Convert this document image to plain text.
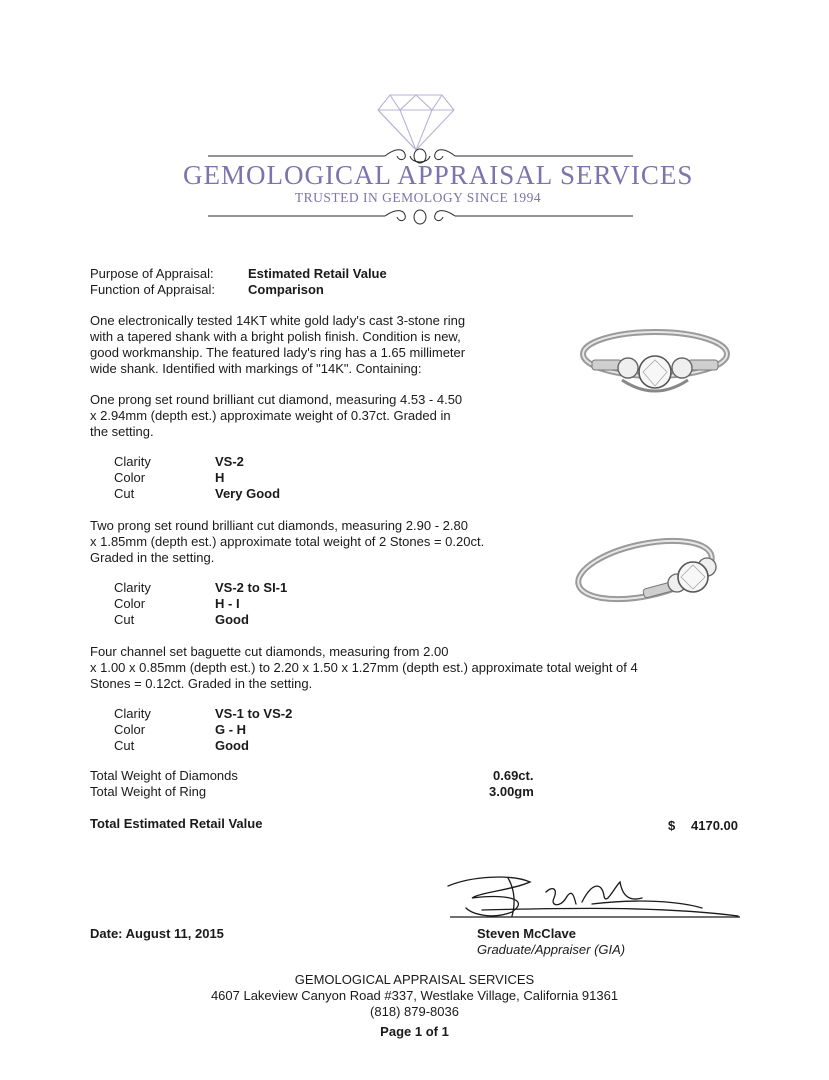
GEMOLOGICAL APPRAISAL SERVICES
TRUSTED IN GEMOLOGY SINCE 1994
Purpose of Appraisal:	Estimated Retail Value
Function of Appraisal:	Comparison
One electronically tested 14KT white gold lady's cast 3-stone ring
with a tapered shank with a bright polish finish. Condition is new,
good workmanship. The featured lady's ring has a 1.65 millimeter
wide shank. Identified with markings of "14K". Containing:
One prong set round brilliant cut diamond, measuring 4.53 - 4.50
x 2.94mm (depth est.) approximate weight of 0.37ct. Graded in
the setting.
Clarity	VS-2
Color	H
Cut	Very Good
Two prong set round brilliant cut diamonds, measuring 2.90 - 2.80
x 1.85mm (depth est.) approximate total weight of 2 Stones = 0.20ct.
Graded in the setting.
Clarity	VS-2 to SI-1
Color	H - I
Cut	Good
Four channel set baguette cut diamonds, measuring from 2.00
x 1.00 x 0.85mm (depth est.) to 2.20 x 1.50 x 1.27mm (depth est.) approximate total weight of 4
Stones = 0.12ct. Graded in the setting.
Clarity	VS-1 to VS-2
Color	G - H
Cut	Good
Total Weight of Diamonds	0.69ct.
Total Weight of Ring	3.00gm
Total Estimated Retail Value	$ 4170.00
Date: August 11, 2015	Steven McClave
Graduate/Appraiser (GIA)
GEMOLOGICAL APPRAISAL SERVICES
4607 Lakeview Canyon Road #337, Westlake Village, California 91361
(818) 879-8036
Page 1 of 1
